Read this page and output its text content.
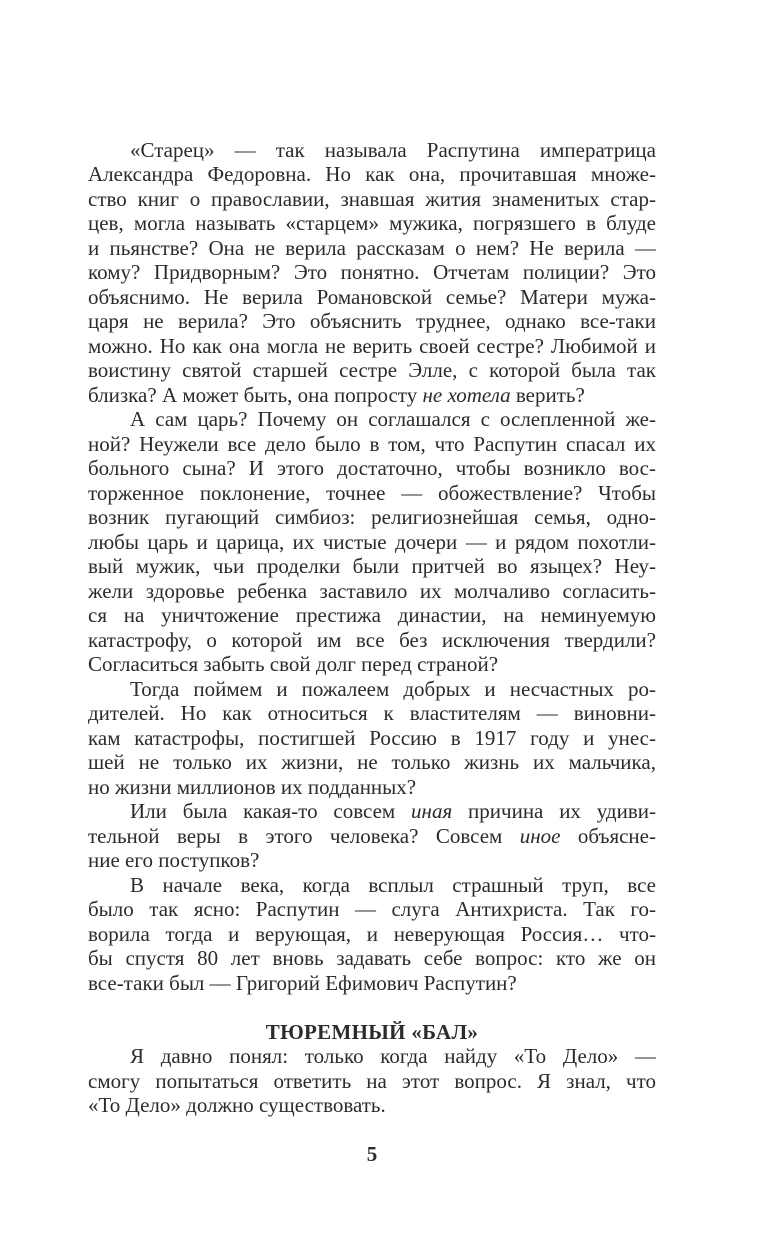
«Старец» — так называла Распутина императрица
Александра Федоровна. Но как она, прочитавшая множе-
ство книг о православии, знавшая жития знаменитых стар-
цев, могла называть «старцем» мужика, погрязшего в блуде
и пьянстве? Она не верила рассказам о нем? Не верила —
кому? Придворным? Это понятно. Отчетам полиции? Это
объяснимо. Не верила Романовской семье? Матери мужа-
царя не верила? Это объяснить труднее, однако все-таки
можно. Но как она могла не верить своей сестре? Любимой и
воистину святой старшей сестре Элле, с которой была так
близка? А может быть, она попросту не хотела верить?
А сам царь? Почему он соглашался с ослепленной же-
ной? Неужели все дело было в том, что Распутин спасал их
больного сына? И этого достаточно, чтобы возникло вос-
торженное поклонение, точнее — обожествление? Чтобы
возник пугающий симбиоз: религиознейшая семья, одно-
любы царь и царица, их чистые дочери — и рядом похотли-
вый мужик, чьи проделки были притчей во языцех? Неу-
жели здоровье ребенка заставило их молчаливо согласить-
ся на уничтожение престижа династии, на неминуемую
катастрофу, о которой им все без исключения твердили?
Согласиться забыть свой долг перед страной?
Тогда поймем и пожалеем добрых и несчастных ро-
дителей. Но как относиться к властителям — виновни-
кам катастрофы, постигшей Россию в 1917 году и унес-
шей не только их жизни, не только жизнь их мальчика,
но жизни миллионов их подданных?
Или была какая-то совсем иная причина их удиви-
тельной веры в этого человека? Совсем иное объясне-
ние его поступков?
В начале века, когда всплыл страшный труп, все
было так ясно: Распутин — слуга Антихриста. Так го-
ворила тогда и верующая, и неверующая Россия… что-
бы спустя 80 лет вновь задавать себе вопрос: кто же он
все-таки был — Григорий Ефимович Распутин?
ТЮРЕМНЫЙ «БАЛ»
Я давно понял: только когда найду «То Дело» —
смогу попытаться ответить на этот вопрос. Я знал, что
«То Дело» должно существовать.
5
